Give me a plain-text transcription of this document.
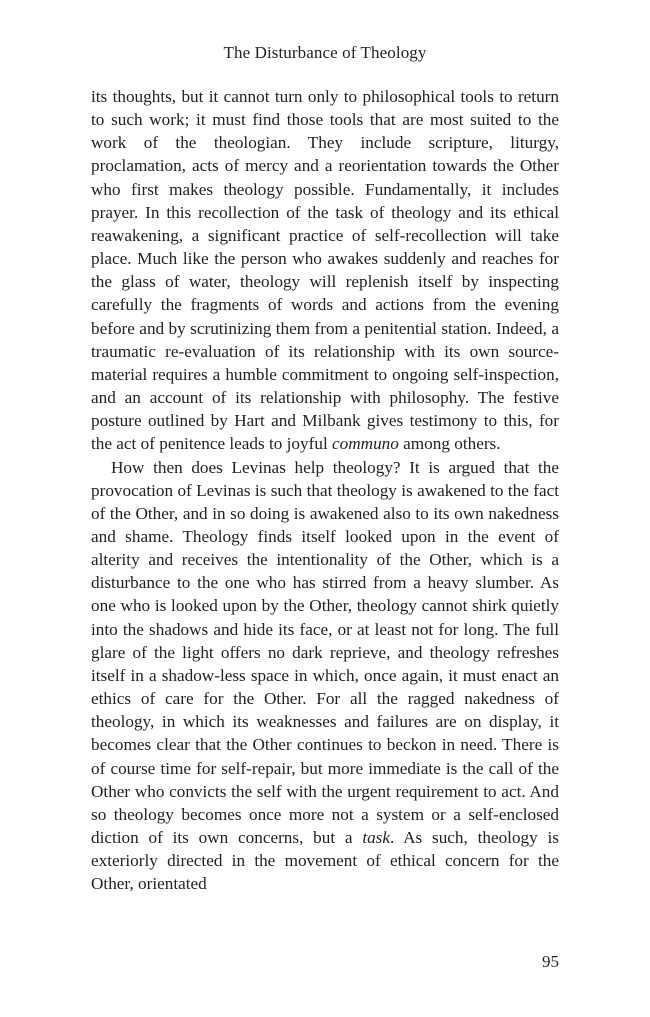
The Disturbance of Theology

its thoughts, but it cannot turn only to philosophical tools to return to such work; it must find those tools that are most suited to the work of the theologian. They include scripture, liturgy, proclamation, acts of mercy and a reorientation towards the Other who first makes theology possible. Fundamentally, it includes prayer. In this recollection of the task of theology and its ethical reawakening, a significant practice of self-recollection will take place. Much like the person who awakes suddenly and reaches for the glass of water, theology will replenish itself by inspecting carefully the fragments of words and actions from the evening before and by scrutinizing them from a penitential station. Indeed, a traumatic re-evaluation of its relationship with its own source-material requires a humble commitment to ongoing self-inspection, and an account of its relationship with philosophy. The festive posture outlined by Hart and Milbank gives testimony to this, for the act of penitence leads to joyful communo among others.

How then does Levinas help theology? It is argued that the provocation of Levinas is such that theology is awakened to the fact of the Other, and in so doing is awakened also to its own nakedness and shame. Theology finds itself looked upon in the event of alterity and receives the intentionality of the Other, which is a disturbance to the one who has stirred from a heavy slumber. As one who is looked upon by the Other, theology cannot shirk quietly into the shadows and hide its face, or at least not for long. The full glare of the light offers no dark reprieve, and theology refreshes itself in a shadow-less space in which, once again, it must enact an ethics of care for the Other. For all the ragged nakedness of theology, in which its weaknesses and failures are on display, it becomes clear that the Other continues to beckon in need. There is of course time for self-repair, but more immediate is the call of the Other who convicts the self with the urgent requirement to act. And so theology becomes once more not a system or a self-enclosed diction of its own concerns, but a task. As such, theology is exteriorly directed in the movement of ethical concern for the Other, orientated

95
